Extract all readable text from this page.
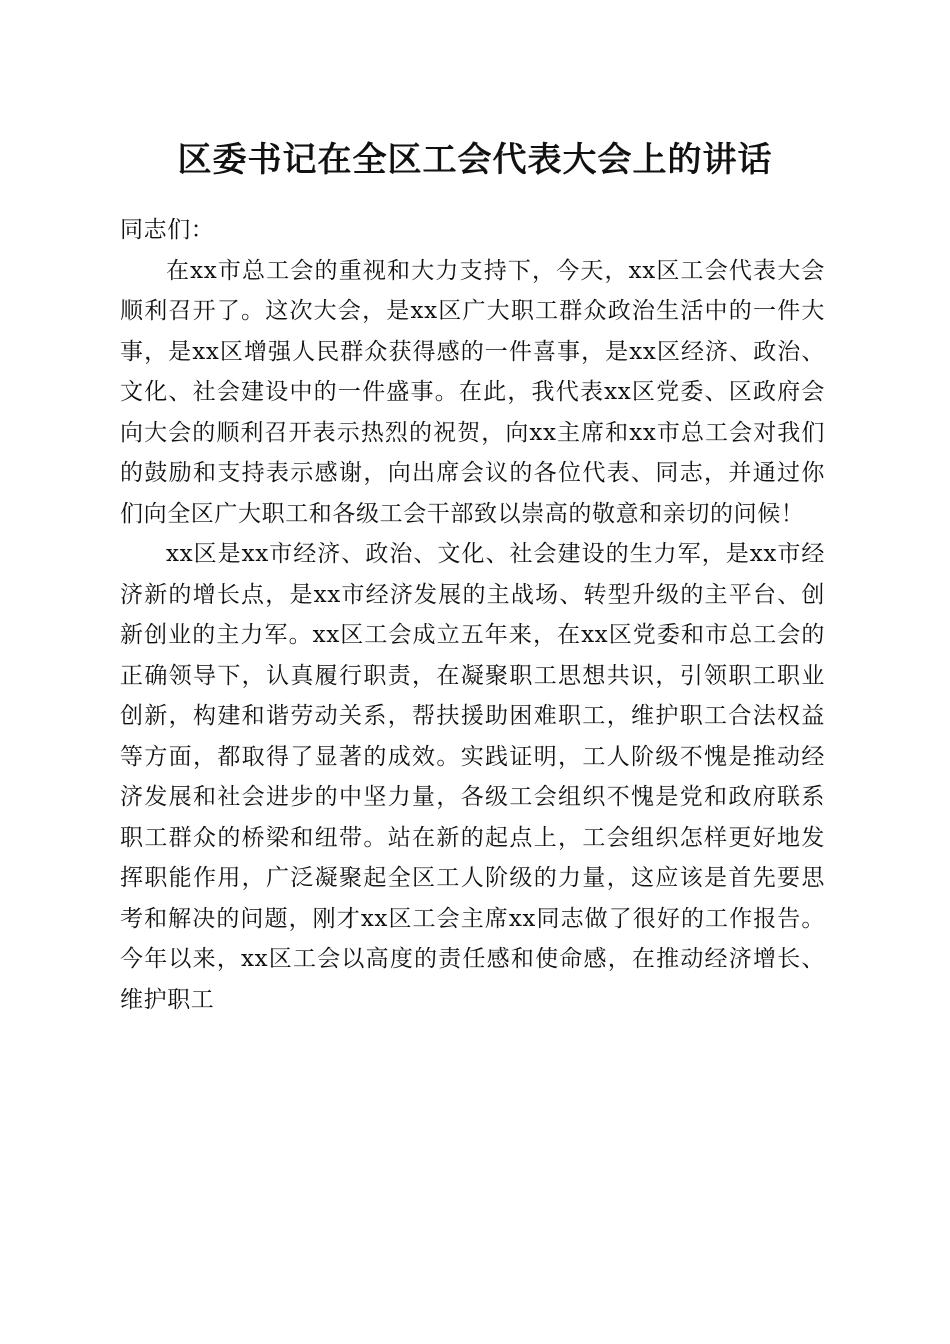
区委书记在全区工会代表大会上的讲话

同志们：

在xx市总工会的重视和大力支持下，今天，xx区工会代表大会顺利召开了。这次大会，是xx区广大职工群众政治生活中的一件大事，是xx区增强人民群众获得感的一件喜事，是xx区经济、政治、文化、社会建设中的一件盛事。在此，我代表xx区党委、区政府会向大会的顺利召开表示热烈的祝贺，向xx主席和xx市总工会对我们的鼓励和支持表示感谢，向出席会议的各位代表、同志，并通过你们向全区广大职工和各级工会干部致以崇高的敬意和亲切的问候！

xx区是xx市经济、政治、文化、社会建设的生力军，是xx市经济新的增长点，是xx市经济发展的主战场、转型升级的主平台、创新创业的主力军。xx区工会成立五年来，在xx区党委和市总工会的正确领导下，认真履行职责，在凝聚职工思想共识，引领职工职业创新，构建和谐劳动关系，帮扶援助困难职工，维护职工合法权益等方面，都取得了显著的成效。实践证明，工人阶级不愧是推动经济发展和社会进步的中坚力量，各级工会组织不愧是党和政府联系职工群众的桥梁和纽带。站在新的起点上，工会组织怎样更好地发挥职能作用，广泛凝聚起全区工人阶级的力量，这应该是首先要思考和解决的问题，刚才xx区工会主席xx同志做了很好的工作报告。今年以来，xx区工会以高度的责任感和使命感，在推动经济增长、维护职工
